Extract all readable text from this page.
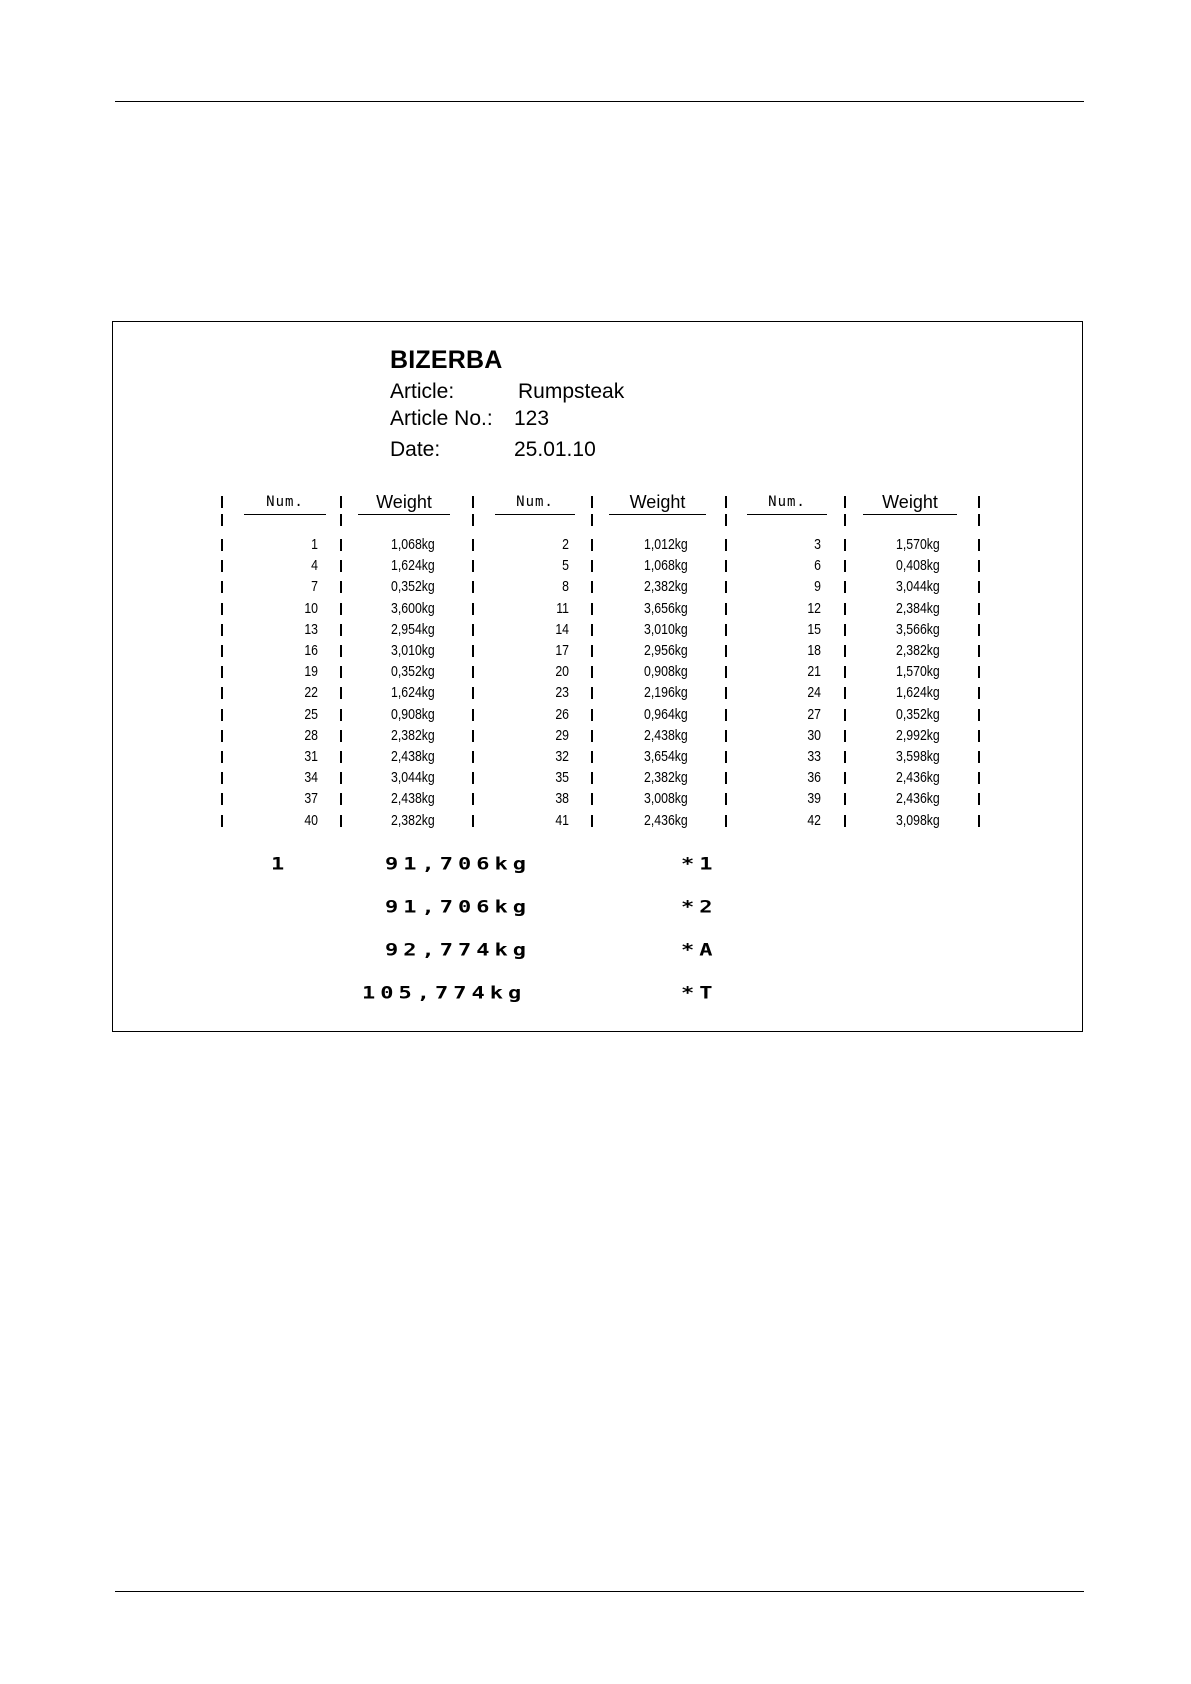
BIZERBA
Article:	Rumpsteak
Article No.: 123
Date:	25.01.10
Num.	Weight	Num.	Weight	Num.	Weight
1	1,068kg	2	1,012kg	3	1,570kg
4	1,624kg	5	1,068kg	6	0,408kg
7	0,352kg	8	2,382kg	9	3,044kg
10	3,600kg	11	3,656kg	12	2,384kg
13	2,954kg	14	3,010kg	15	3,566kg
16	3,010kg	17	2,956kg	18	2,382kg
19	0,352kg	20	0,908kg	21	1,570kg
22	1,624kg	23	2,196kg	24	1,624kg
25	0,908kg	26	0,964kg	27	0,352kg
28	2,382kg	29	2,438kg	30	2,992kg
31	2,438kg	32	3,654kg	33	3,598kg
34	3,044kg	35	2,382kg	36	2,436kg
37	2,438kg	38	3,008kg	39	2,436kg
40	2,382kg	41	2,436kg	42	3,098kg
1	91,706kg	*1
91,706kg	*2
92,774kg	*A
105,774kg	*T
